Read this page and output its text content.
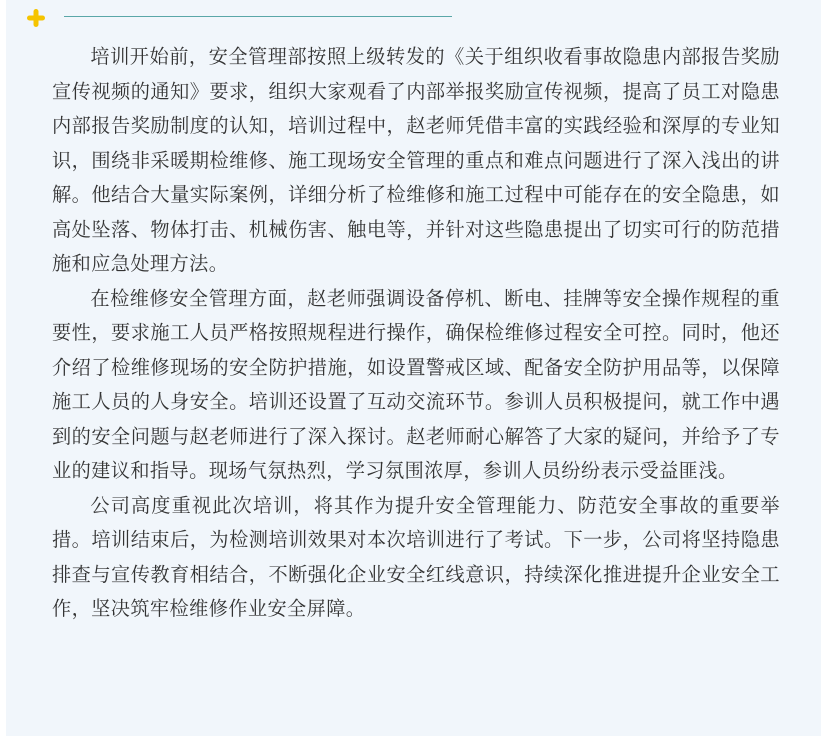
培训开始前，安全管理部按照上级转发的《关于组织收看事故隐患内部报告奖励宣传视频的通知》要求，组织大家观看了内部举报奖励宣传视频，提高了员工对隐患内部报告奖励制度的认知，培训过程中，赵老师凭借丰富的实践经验和深厚的专业知识，围绕非采暖期检维修、施工现场安全管理的重点和难点问题进行了深入浅出的讲解。他结合大量实际案例，详细分析了检维修和施工过程中可能存在的安全隐患，如高处坠落、物体打击、机械伤害、触电等，并针对这些隐患提出了切实可行的防范措施和应急处理方法。

在检维修安全管理方面，赵老师强调设备停机、断电、挂牌等安全操作规程的重要性，要求施工人员严格按照规程进行操作，确保检维修过程安全可控。同时，他还介绍了检维修现场的安全防护措施，如设置警戒区域、配备安全防护用品等，以保障施工人员的人身安全。培训还设置了互动交流环节。参训人员积极提问，就工作中遇到的安全问题与赵老师进行了深入探讨。赵老师耐心解答了大家的疑问，并给予了专业的建议和指导。现场气氛热烈，学习氛围浓厚，参训人员纷纷表示受益匪浅。

公司高度重视此次培训，将其作为提升安全管理能力、防范安全事故的重要举措。培训结束后，为检测培训效果对本次培训进行了考试。下一步，公司将坚持隐患排查与宣传教育相结合，不断强化企业安全红线意识，持续深化推进提升企业安全工作，坚决筑牢检维修作业安全屏障。
